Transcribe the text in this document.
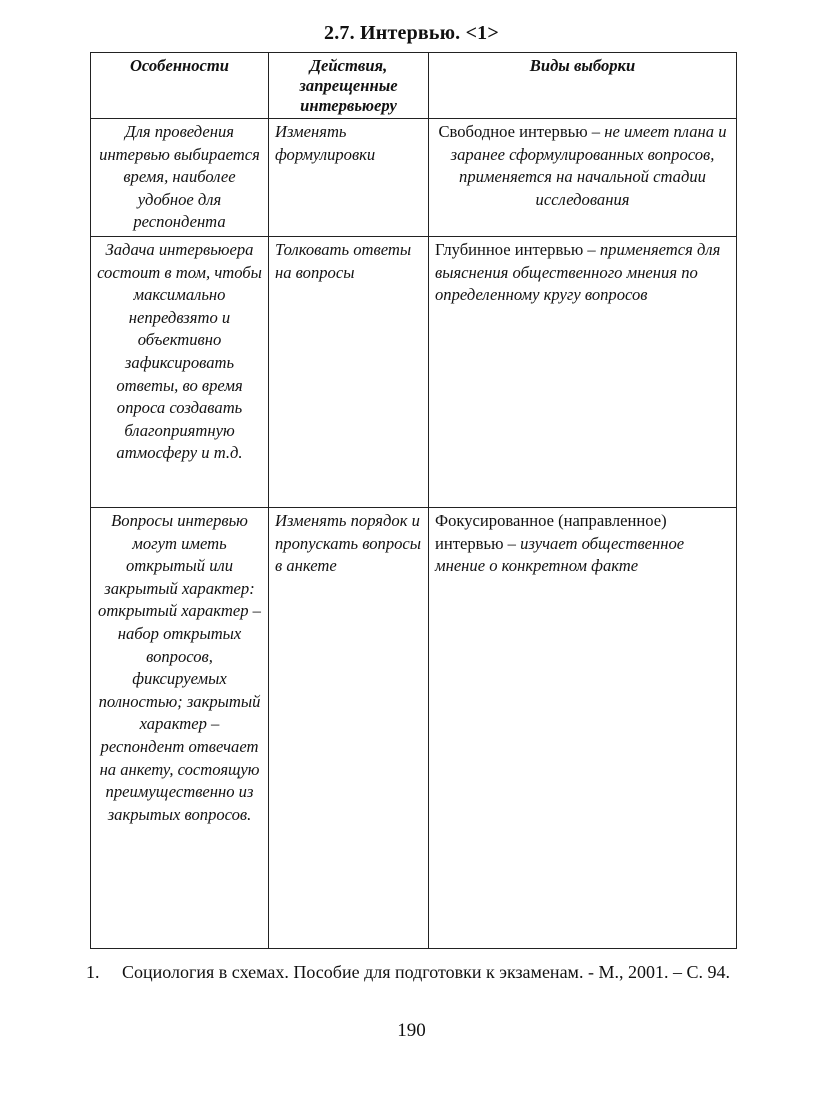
2.7. Интервью. <1>
Особенности	Действия, запрещенные интервьюеру	Виды выборки
Для проведения интервью выбирается время, наиболее удобное для респондента	Изменять формулировки	Свободное интервью – не имеет плана и заранее сформулированных вопросов, применяется на начальной стадии исследования
Задача интервьюера состоит в том, чтобы максимально непредвзято и объективно зафиксировать ответы, во время опроса создавать благоприятную атмосферу и т.д.	Толковать ответы на вопросы	Глубинное интервью – применяется для выяснения общественного мнения по определенному кругу вопросов
Вопросы интервью могут иметь открытый или закрытый характер: открытый характер – набор открытых вопросов, фиксируемых полностью; закрытый характер – респондент отвечает на анкету, состоящую преимущественно из закрытых вопросов.	Изменять порядок и пропускать вопросы в анкете	Фокусированное (направленное) интервью – изучает общественное мнение о конкретном факте
1. Социология в схемах. Пособие для подготовки к экзаменам. - М., 2001. – С. 94.
190
